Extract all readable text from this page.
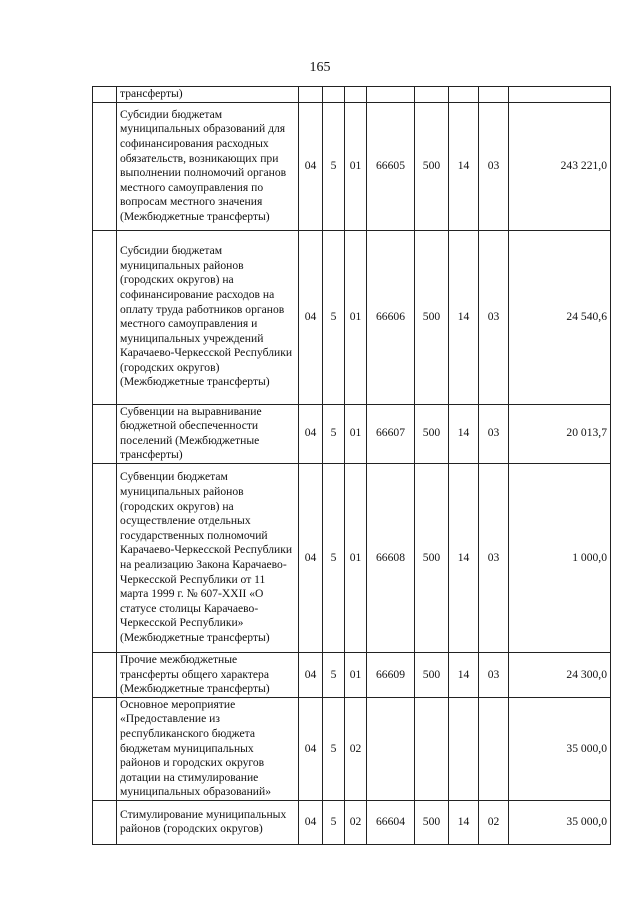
165
	трансферты)								
	Субсидии бюджетам муниципальных образований для софинансирования расходных обязательств, возникающих при выполнении полномочий органов местного самоуправления по вопросам местного значения (Межбюджетные трансферты)	04	5	01	66605	500	14	03	243 221,0
	Субсидии бюджетам муниципальных районов (городских округов) на софинансирование расходов на оплату труда работников органов местного самоуправления и муниципальных учреждений Карачаево-Черкесской Республики (городских округов) (Межбюджетные трансферты)	04	5	01	66606	500	14	03	24 540,6
	Субвенции на выравнивание бюджетной обеспеченности поселений (Межбюджетные трансферты)	04	5	01	66607	500	14	03	20 013,7
	Субвенции бюджетам муниципальных районов (городских округов) на осуществление отдельных государственных полномочий Карачаево-Черкесской Республики на реализацию Закона Карачаево-Черкесской Республики от 11 марта 1999 г. № 607-XXII «О статусе столицы Карачаево-Черкесской Республики» (Межбюджетные трансферты)	04	5	01	66608	500	14	03	1 000,0
	Прочие межбюджетные трансферты общего характера (Межбюджетные трансферты)	04	5	01	66609	500	14	03	24 300,0
	Основное мероприятие «Предоставление из республиканского бюджета бюджетам муниципальных районов и городских округов дотации на стимулирование муниципальных образований»	04	5	02					35 000,0
	Стимулирование муниципальных районов (городских округов)	04	5	02	66604	500	14	02	35 000,0
